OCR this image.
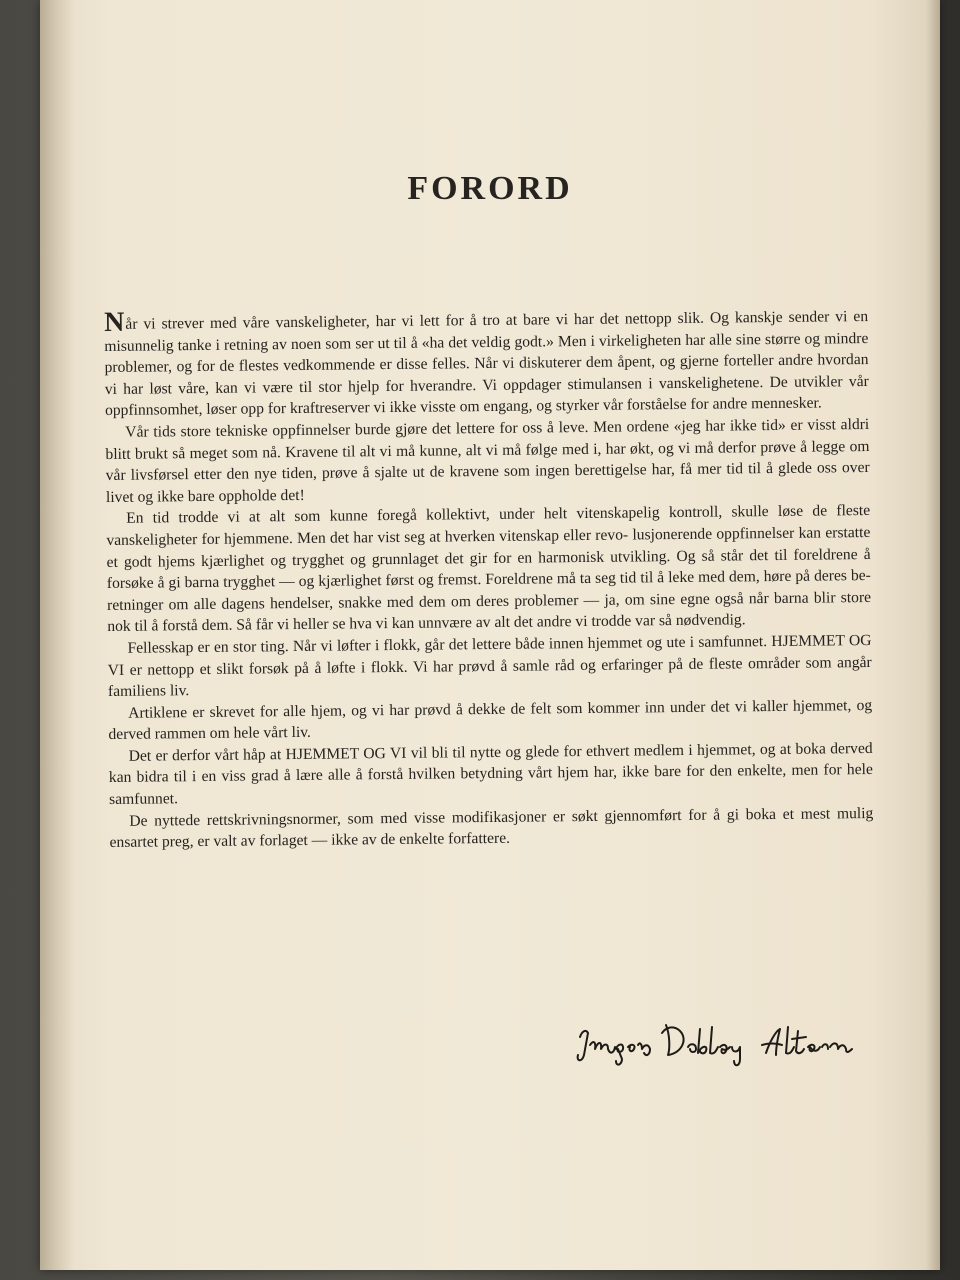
FORORD

Når vi strever med våre vanskeligheter, har vi lett for å tro at bare vi har det nettopp slik. Og kanskje sender vi en misunnelig tanke i retning av noen som ser ut til å «ha det veldig godt.» Men i virkeligheten har alle sine større og mindre problemer, og for de flestes vedkommende er disse felles. Når vi diskuterer dem åpent, og gjerne forteller andre hvordan vi har løst våre, kan vi være til stor hjelp for hverandre. Vi oppdager stimulansen i vanskelighetene. De utvikler vår oppfinnsomhet, løser opp for kraftreserver vi ikke visste om engang, og styrker vår forståelse for andre mennesker.

Vår tids store tekniske oppfinnelser burde gjøre det lettere for oss å leve. Men ordene «jeg har ikke tid» er visst aldri blitt brukt så meget som nå. Kravene til alt vi må kunne, alt vi må følge med i, har økt, og vi må derfor prøve å legge om vår livsførsel etter den nye tiden, prøve å sjalte ut de kravene som ingen berettigelse har, få mer tid til å glede oss over livet og ikke bare oppholde det!

En tid trodde vi at alt som kunne foregå kollektivt, under helt vitenskapelig kontroll, skulle løse de fleste vanskeligheter for hjemmene. Men det har vist seg at hverken vitenskap eller revo- lusjonerende oppfinnelser kan erstatte et godt hjems kjærlighet og trygghet og grunnlaget det gir for en harmonisk utvikling. Og så står det til foreldrene å forsøke å gi barna trygghet — og kjærlighet først og fremst. Foreldrene må ta seg tid til å leke med dem, høre på deres be- retninger om alle dagens hendelser, snakke med dem om deres problemer — ja, om sine egne også når barna blir store nok til å forstå dem. Så får vi heller se hva vi kan unnvære av alt det andre vi trodde var så nødvendig.

Fellesskap er en stor ting. Når vi løfter i flokk, går det lettere både innen hjemmet og ute i samfunnet. HJEMMET OG VI er nettopp et slikt forsøk på å løfte i flokk. Vi har prøvd å samle råd og erfaringer på de fleste områder som angår familiens liv.

Artiklene er skrevet for alle hjem, og vi har prøvd å dekke de felt som kommer inn under det vi kaller hjemmet, og derved rammen om hele vårt liv.

Det er derfor vårt håp at HJEMMET OG VI vil bli til nytte og glede for ethvert medlem i hjemmet, og at boka derved kan bidra til i en viss grad å lære alle å forstå hvilken betydning vårt hjem har, ikke bare for den enkelte, men for hele samfunnet.

De nyttede rettskrivningsnormer, som med visse modifikasjoner er søkt gjennomført for å gi boka et mest mulig ensartet preg, er valt av forlaget — ikke av de enkelte forfattere.
